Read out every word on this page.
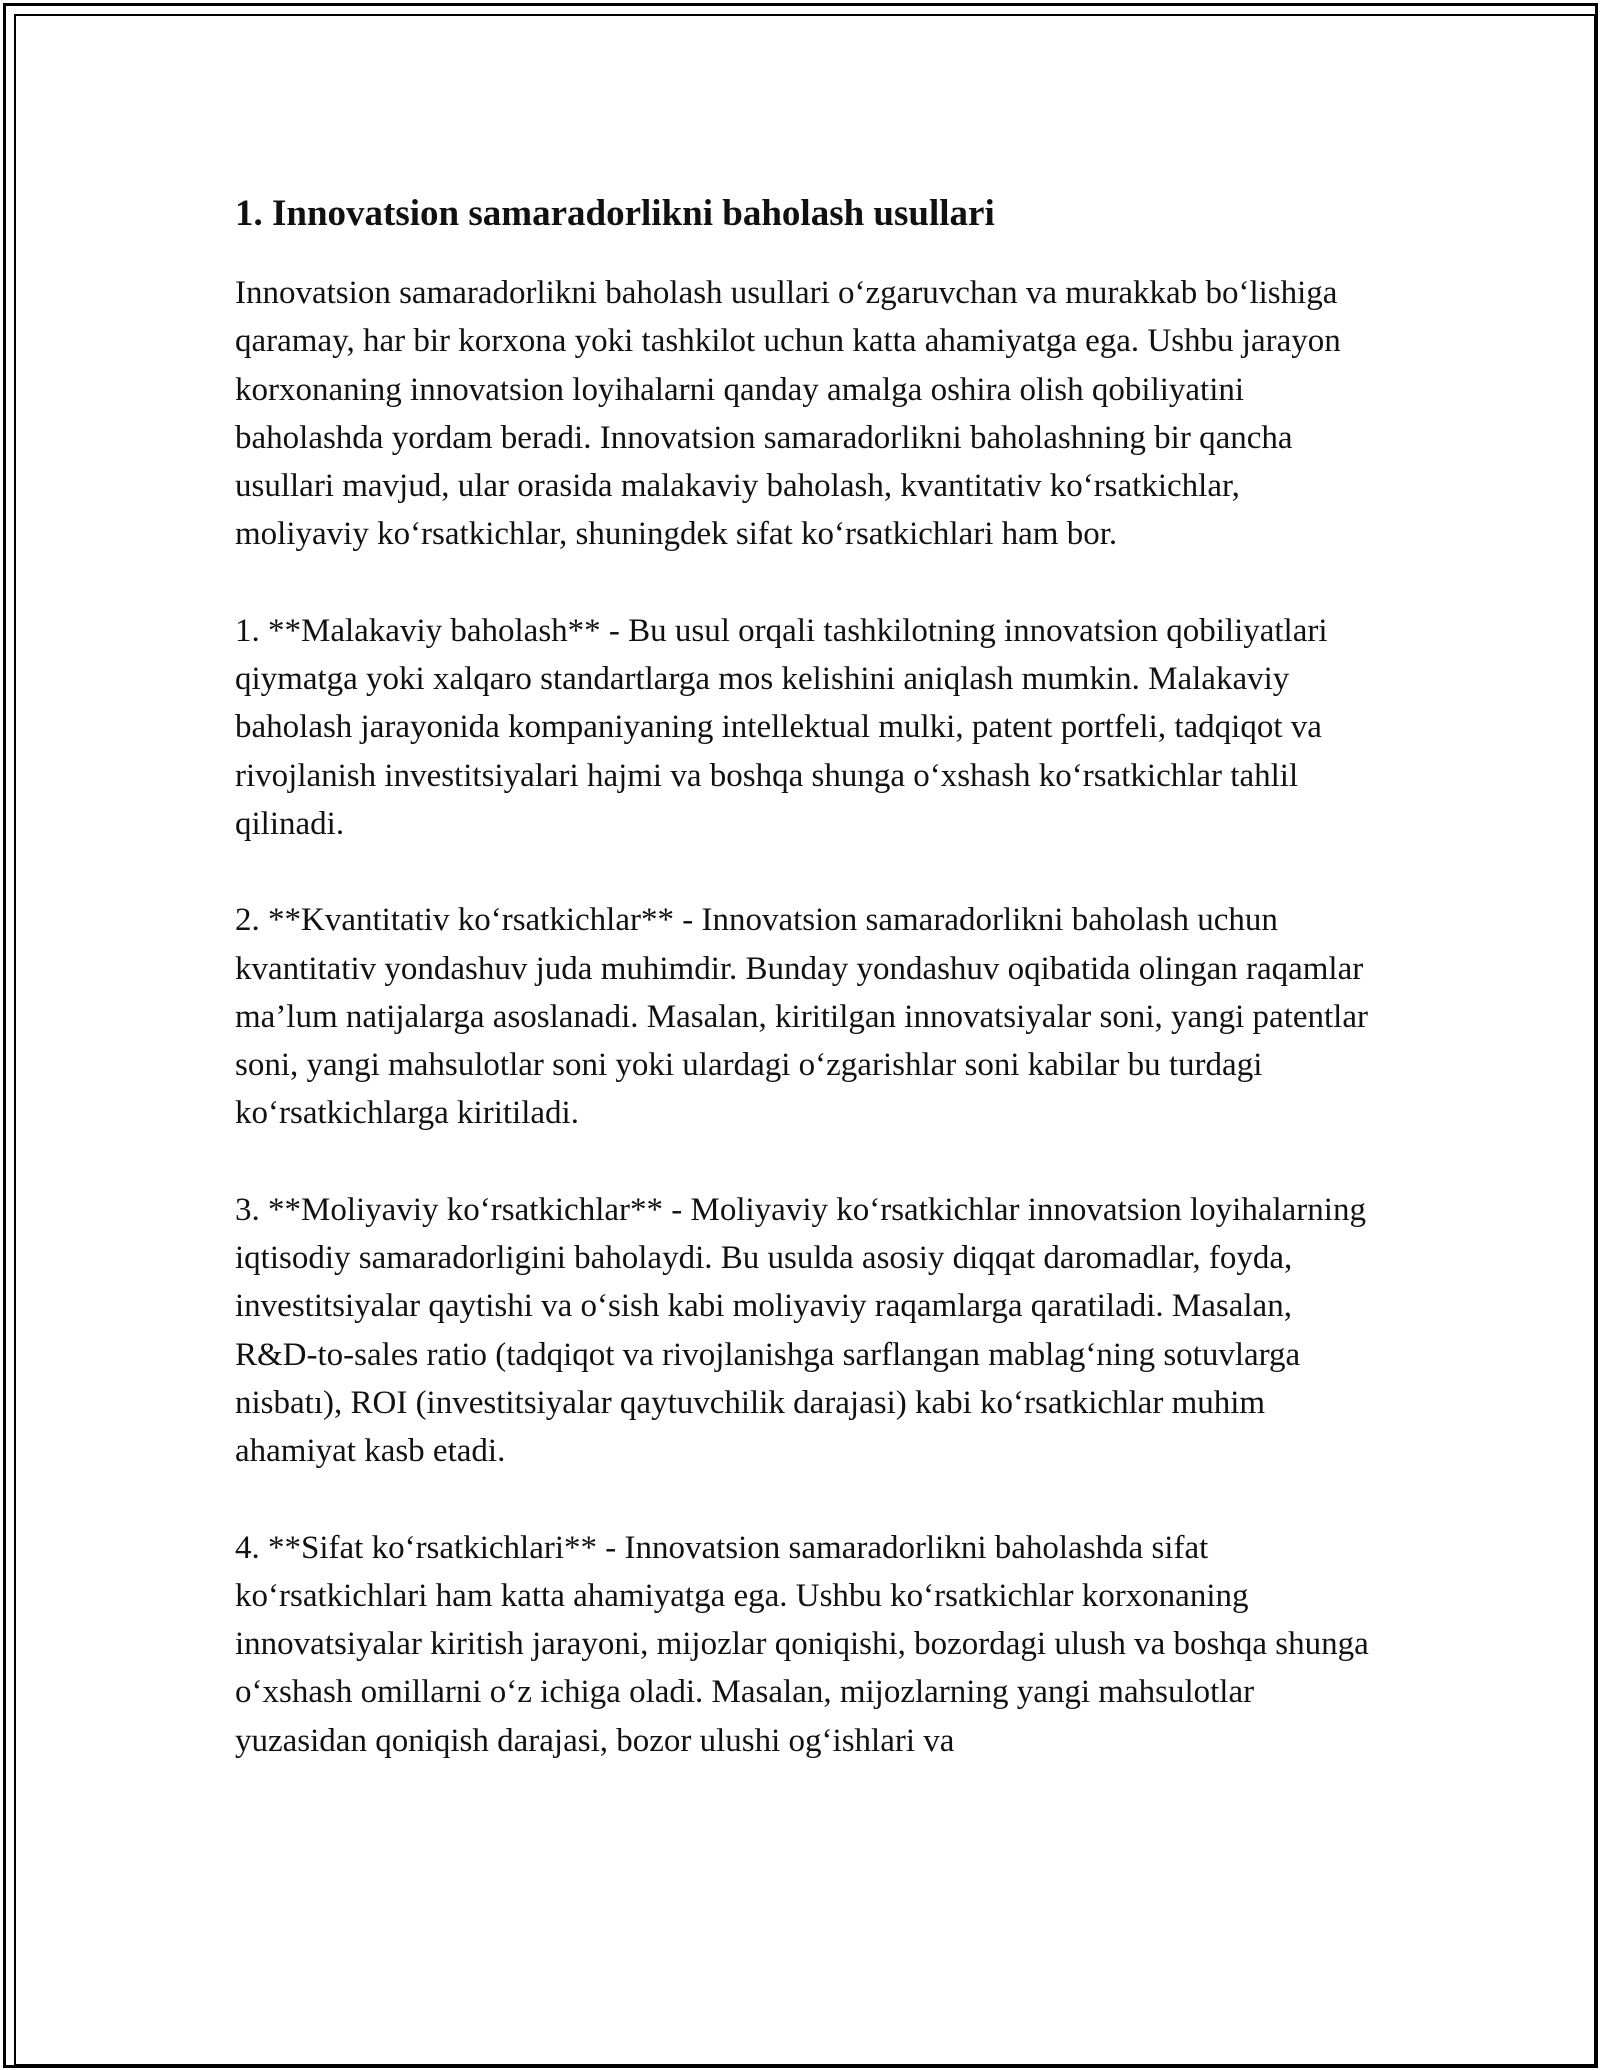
1. Innovatsion samaradorlikni baholash usullari

Innovatsion samaradorlikni baholash usullari o‘zgaruvchan va murakkab bo‘lishiga qaramay, har bir korxona yoki tashkilot uchun katta ahamiyatga ega. Ushbu jarayon korxonaning innovatsion loyihalarni qanday amalga oshira olish qobiliyatini baholashda yordam beradi. Innovatsion samaradorlikni baholashning bir qancha usullari mavjud, ular orasida malakaviy baholash, kvantitativ ko‘rsatkichlar, moliyaviy ko‘rsatkichlar, shuningdek sifat ko‘rsatkichlari ham bor.

1. **Malakaviy baholash** - Bu usul orqali tashkilotning innovatsion qobiliyatlari qiymatga yoki xalqaro standartlarga mos kelishini aniqlash mumkin. Malakaviy baholash jarayonida kompaniyaning intellektual mulki, patent portfeli, tadqiqot va rivojlanish investitsiyalari hajmi va boshqa shunga o‘xshash ko‘rsatkichlar tahlil qilinadi.

2. **Kvantitativ ko‘rsatkichlar** - Innovatsion samaradorlikni baholash uchun kvantitativ yondashuv juda muhimdir. Bunday yondashuv oqibatida olingan raqamlar ma’lum natijalarga asoslanadi. Masalan, kiritilgan innovatsiyalar soni, yangi patentlar soni, yangi mahsulotlar soni yoki ulardagi o‘zgarishlar soni kabilar bu turdagi ko‘rsatkichlarga kiritiladi.

3. **Moliyaviy ko‘rsatkichlar** - Moliyaviy ko‘rsatkichlar innovatsion loyihalarning iqtisodiy samaradorligini baholaydi. Bu usulda asosiy diqqat daromadlar, foyda, investitsiyalar qaytishi va o‘sish kabi moliyaviy raqamlarga qaratiladi. Masalan, R&D-to-sales ratio (tadqiqot va rivojlanishga sarflangan mablag‘ning sotuvlarga nisbatı), ROI (investitsiyalar qaytuvchilik darajasi) kabi ko‘rsatkichlar muhim ahamiyat kasb etadi.

4. **Sifat ko‘rsatkichlari** - Innovatsion samaradorlikni baholashda sifat ko‘rsatkichlari ham katta ahamiyatga ega. Ushbu ko‘rsatkichlar korxonaning innovatsiyalar kiritish jarayoni, mijozlar qoniqishi, bozordagi ulush va boshqa shunga o‘xshash omillarni o‘z ichiga oladi. Masalan, mijozlarning yangi mahsulotlar yuzasidan qoniqish darajasi, bozor ulushi og‘ishlari va
